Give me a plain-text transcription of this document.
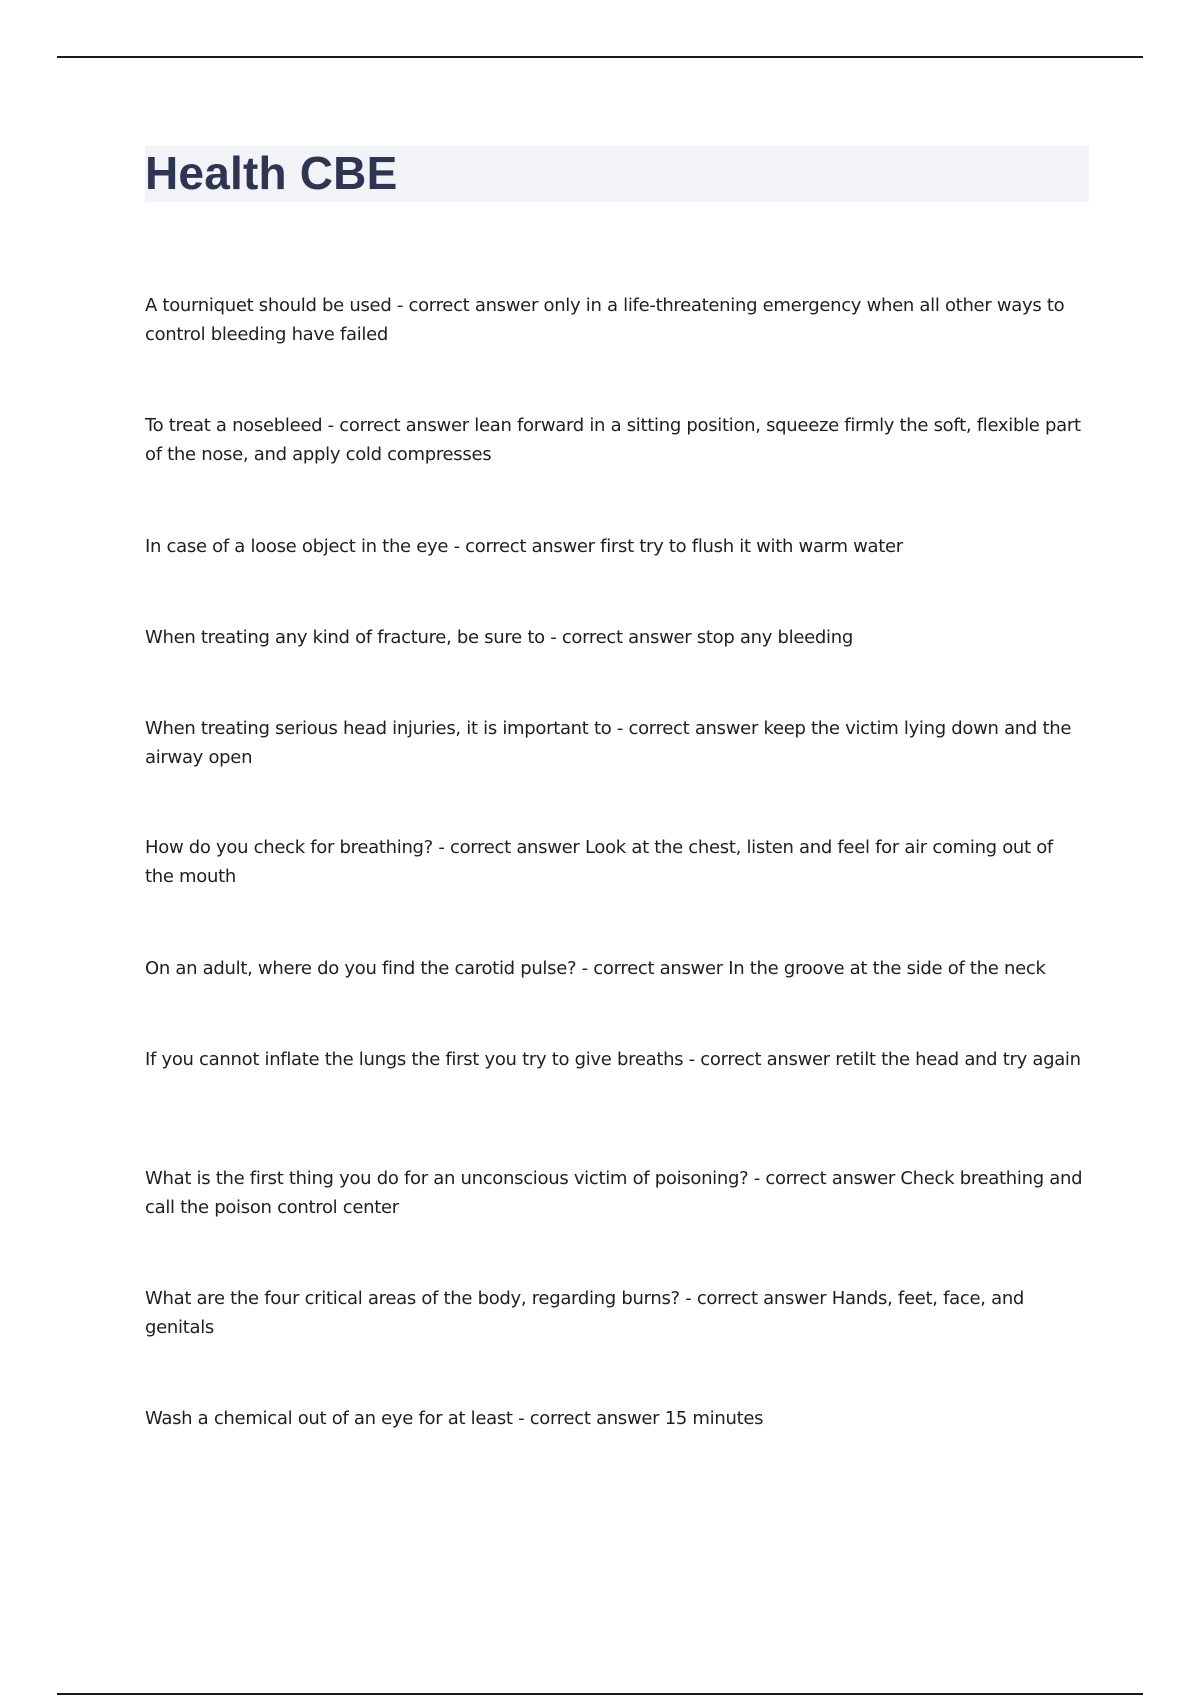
Health CBE

A tourniquet should be used - correct answer only in a life-threatening emergency when all other ways to control bleeding have failed

To treat a nosebleed - correct answer lean forward in a sitting position, squeeze firmly the soft, flexible part of the nose, and apply cold compresses

In case of a loose object in the eye - correct answer first try to flush it with warm water

When treating any kind of fracture, be sure to - correct answer stop any bleeding

When treating serious head injuries, it is important to - correct answer keep the victim lying down and the airway open

How do you check for breathing? - correct answer Look at the chest, listen and feel for air coming out of the mouth

On an adult, where do you find the carotid pulse? - correct answer In the groove at the side of the neck

If you cannot inflate the lungs the first you try to give breaths - correct answer retilt the head and try again

What is the first thing you do for an unconscious victim of poisoning? - correct answer Check breathing and call the poison control center

What are the four critical areas of the body, regarding burns? - correct answer Hands, feet, face, and genitals

Wash a chemical out of an eye for at least - correct answer 15 minutes
